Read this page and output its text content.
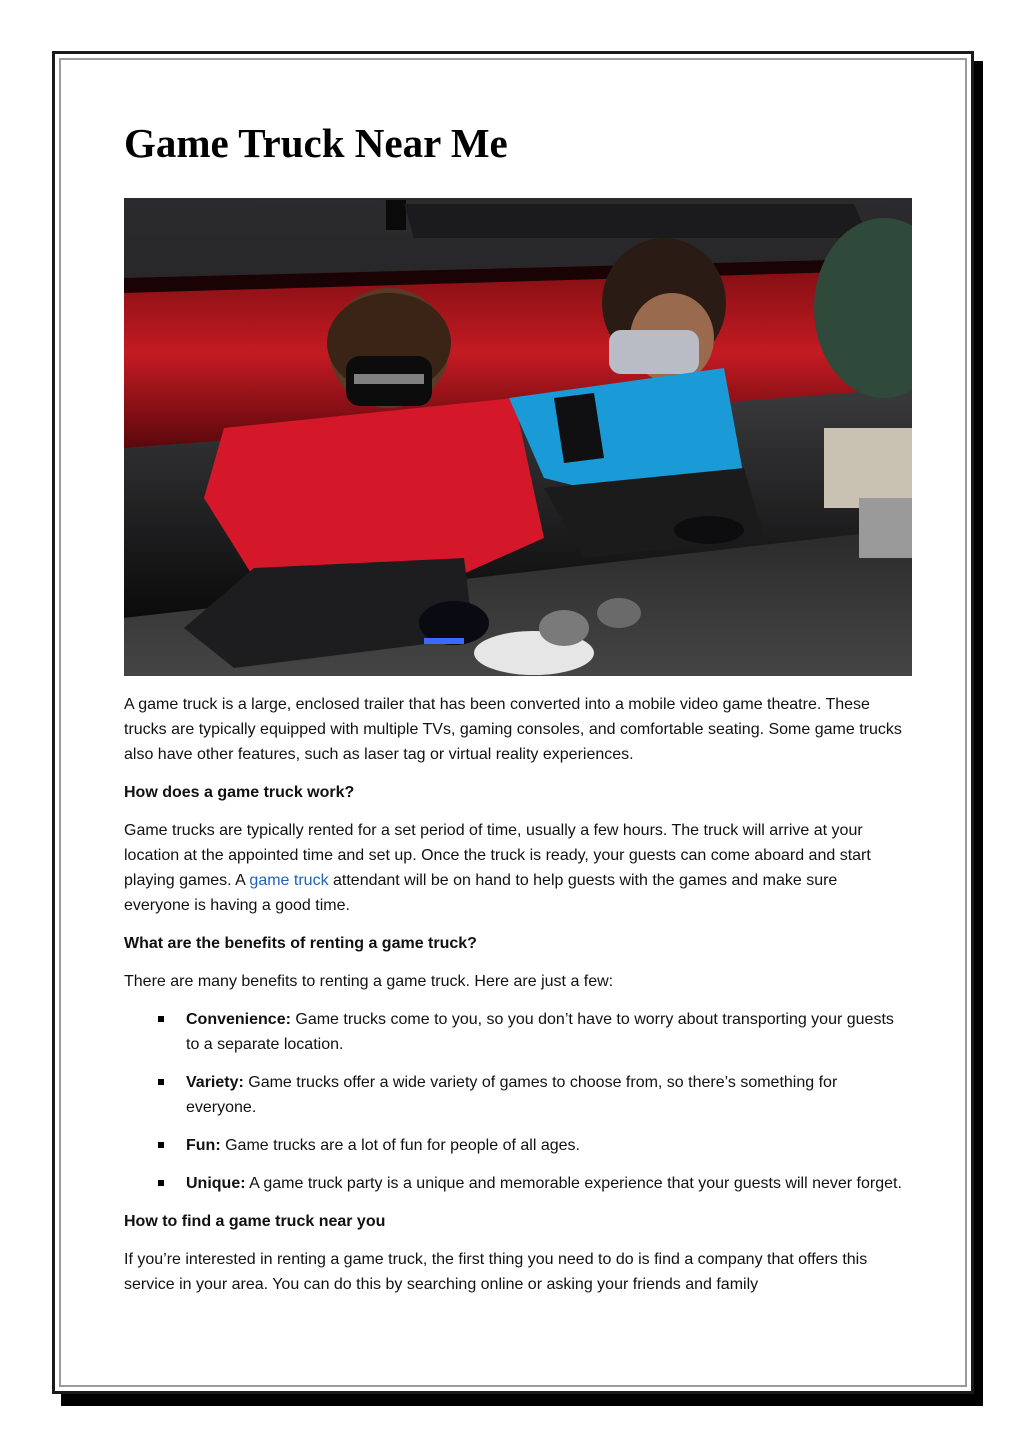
Game Truck Near Me

A game truck is a large, enclosed trailer that has been converted into a mobile video game theatre. These trucks are typically equipped with multiple TVs, gaming consoles, and comfortable seating. Some game trucks also have other features, such as laser tag or virtual reality experiences.

How does a game truck work?

Game trucks are typically rented for a set period of time, usually a few hours. The truck will arrive at your location at the appointed time and set up. Once the truck is ready, your guests can come aboard and start playing games. A game truck attendant will be on hand to help guests with the games and make sure everyone is having a good time.

What are the benefits of renting a game truck?

There are many benefits to renting a game truck. Here are just a few:

Convenience: Game trucks come to you, so you don’t have to worry about transporting your guests to a separate location.
Variety: Game trucks offer a wide variety of games to choose from, so there’s something for everyone.
Fun: Game trucks are a lot of fun for people of all ages.
Unique: A game truck party is a unique and memorable experience that your guests will never forget.

How to find a game truck near you

If you’re interested in renting a game truck, the first thing you need to do is find a company that offers this service in your area. You can do this by searching online or asking your friends and family
